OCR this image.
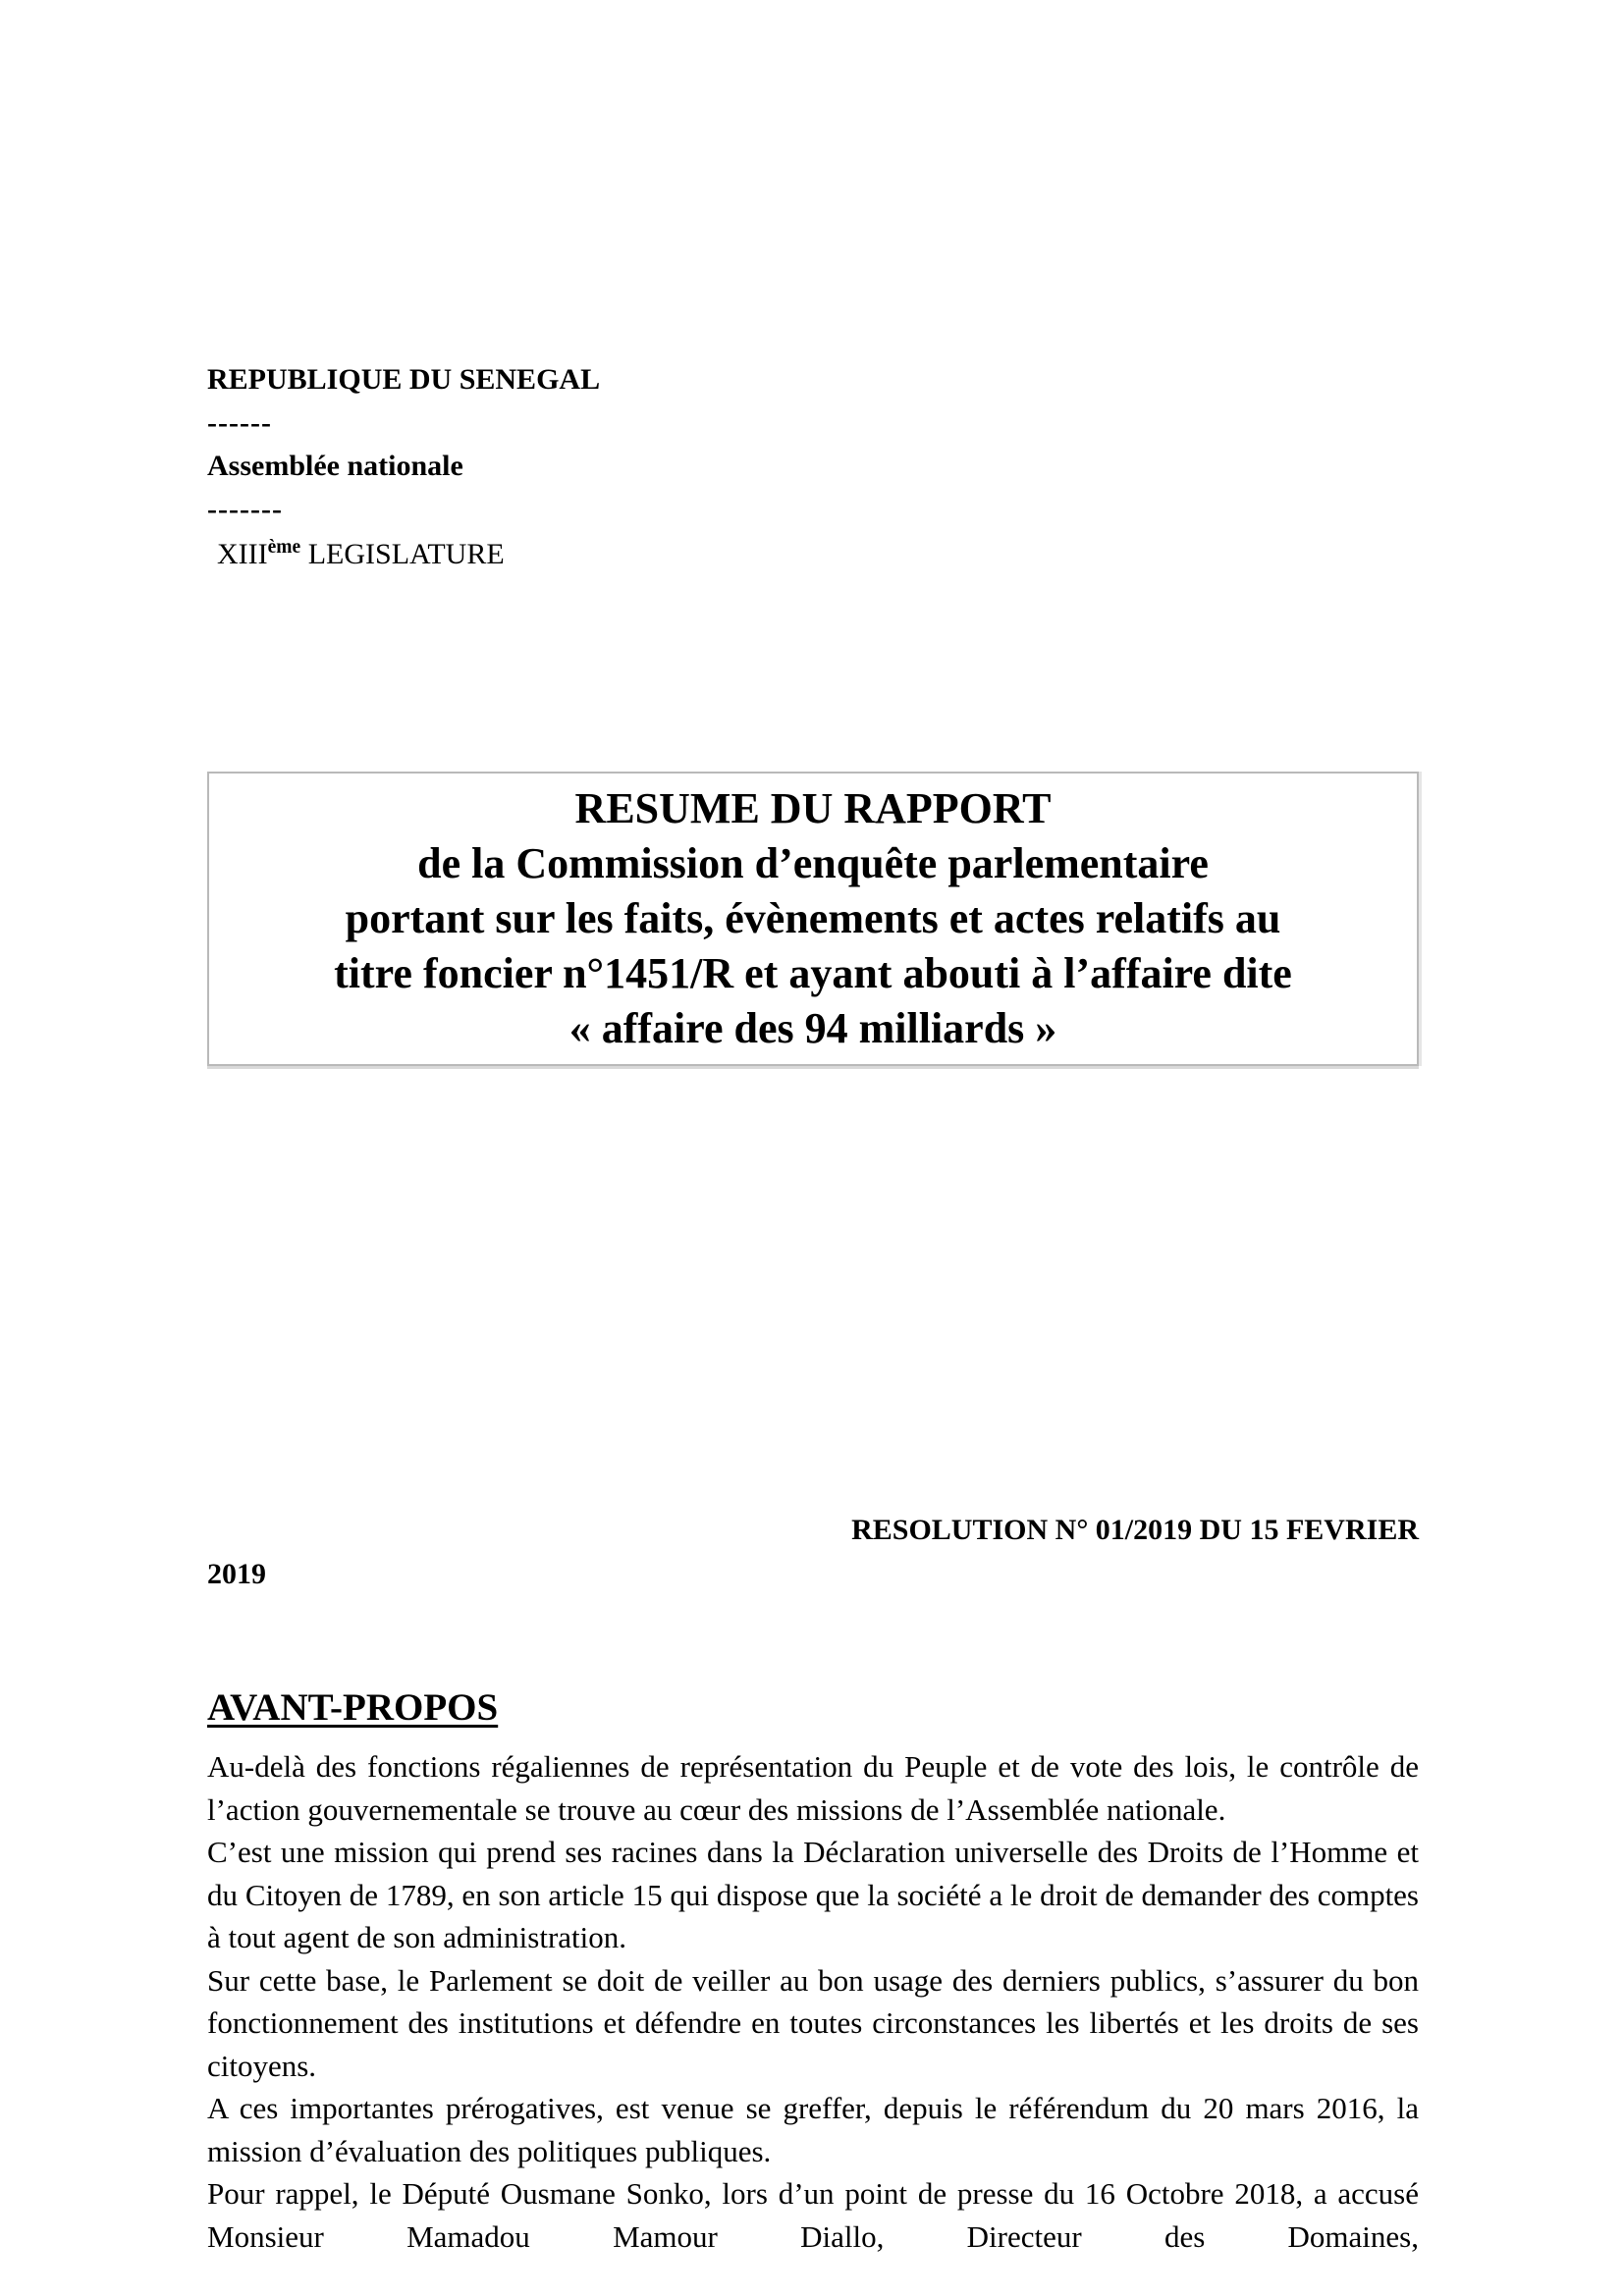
REPUBLIQUE DU SENEGAL
------
Assemblée nationale
-------
XIIIème LEGISLATURE
RESUME DU RAPPORT
de la Commission d’enquête parlementaire
portant sur les faits, évènements et actes relatifs au
titre foncier n°1451/R et ayant abouti à l’affaire dite
« affaire des 94 milliards »
RESOLUTION N° 01/2019 DU 15 FEVRIER
2019
AVANT-PROPOS

Au-delà des fonctions régaliennes de représentation du Peuple et de vote des lois, le contrôle de l’action gouvernementale se trouve au cœur des missions de l’Assemblée nationale.

C’est une mission qui prend ses racines dans la Déclaration universelle des Droits de l’Homme et du Citoyen de 1789, en son article 15 qui dispose que la société a le droit de demander des comptes à tout agent de son administration.

Sur cette base, le Parlement se doit de veiller au bon usage des derniers publics, s’assurer du bon fonctionnement des institutions et défendre en toutes circonstances les libertés et les droits de ses citoyens.

A ces importantes prérogatives, est venue se greffer, depuis le référendum du 20 mars 2016, la mission d’évaluation des politiques publiques.

Pour rappel, le Député Ousmane Sonko, lors d’un point de presse du 16 Octobre 2018, a accusé Monsieur Mamadou Mamour Diallo, Directeur des Domaines,
